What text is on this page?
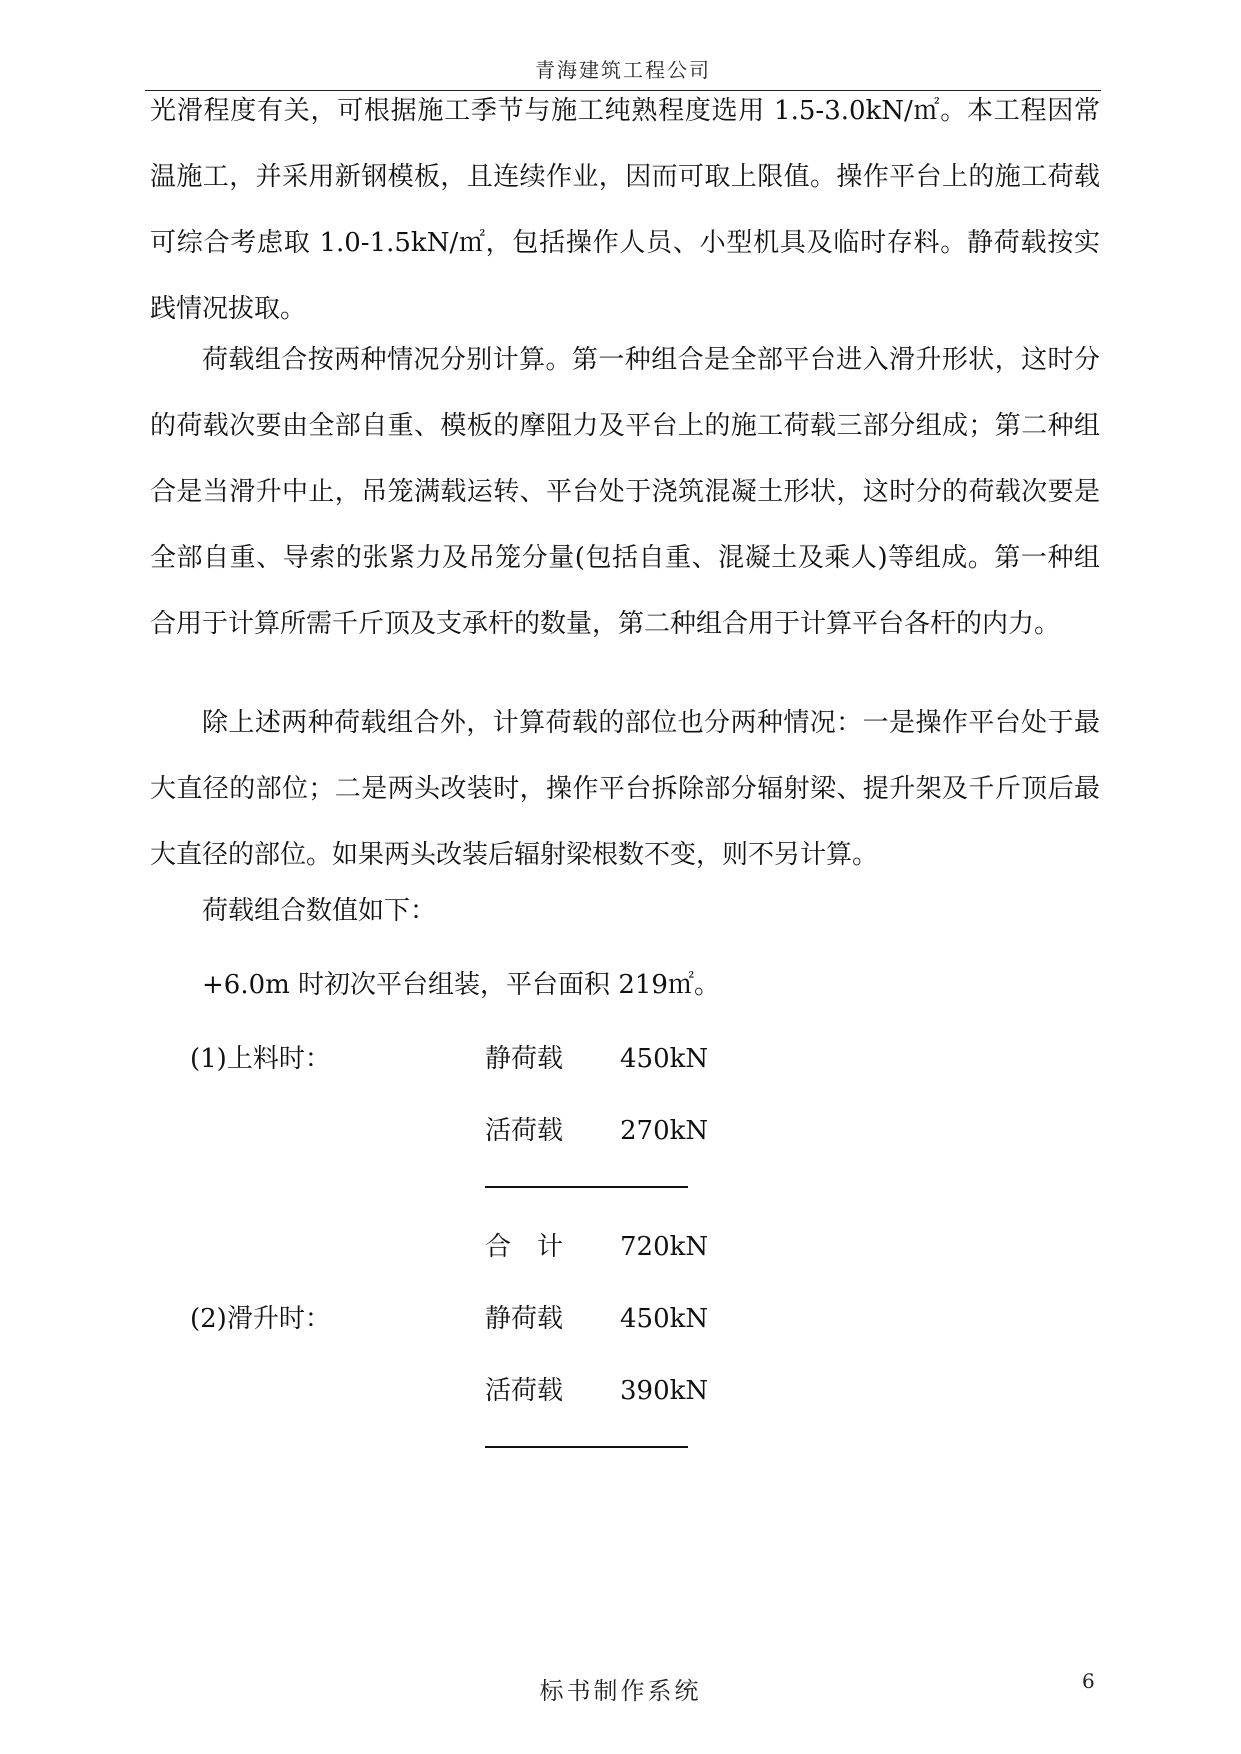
青海建筑工程公司

光滑程度有关，可根据施工季节与施工纯熟程度选用 1.5-3.0kN/㎡。本工程因常温施工，并采用新钢模板，且连续作业，因而可取上限值。操作平台上的施工荷载可综合考虑取 1.0-1.5kN/㎡，包括操作人员、小型机具及临时存料。静荷载按实践情况拔取。

荷载组合按两种情况分别计算。第一种组合是全部平台进入滑升形状，这时分的荷载次要由全部自重、模板的摩阻力及平台上的施工荷载三部分组成；第二种组合是当滑升中止，吊笼满载运转、平台处于浇筑混凝土形状，这时分的荷载次要是全部自重、导索的张紧力及吊笼分量(包括自重、混凝土及乘人)等组成。第一种组合用于计算所需千斤顶及支承杆的数量，第二种组合用于计算平台各杆的内力。

除上述两种荷载组合外，计算荷载的部位也分两种情况：一是操作平台处于最大直径的部位；二是两头改装时，操作平台拆除部分辐射梁、提升架及千斤顶后最大直径的部位。如果两头改装后辐射梁根数不变，则不另计算。

荷载组合数值如下：
+6.0m 时初次平台组装，平台面积 219㎡。
(1)上料时：	静荷载 450kN
活荷载 270kN
合计 720kN
(2)滑升时：	静荷载 450kN
活荷载 390kN
标书制作系统	6
